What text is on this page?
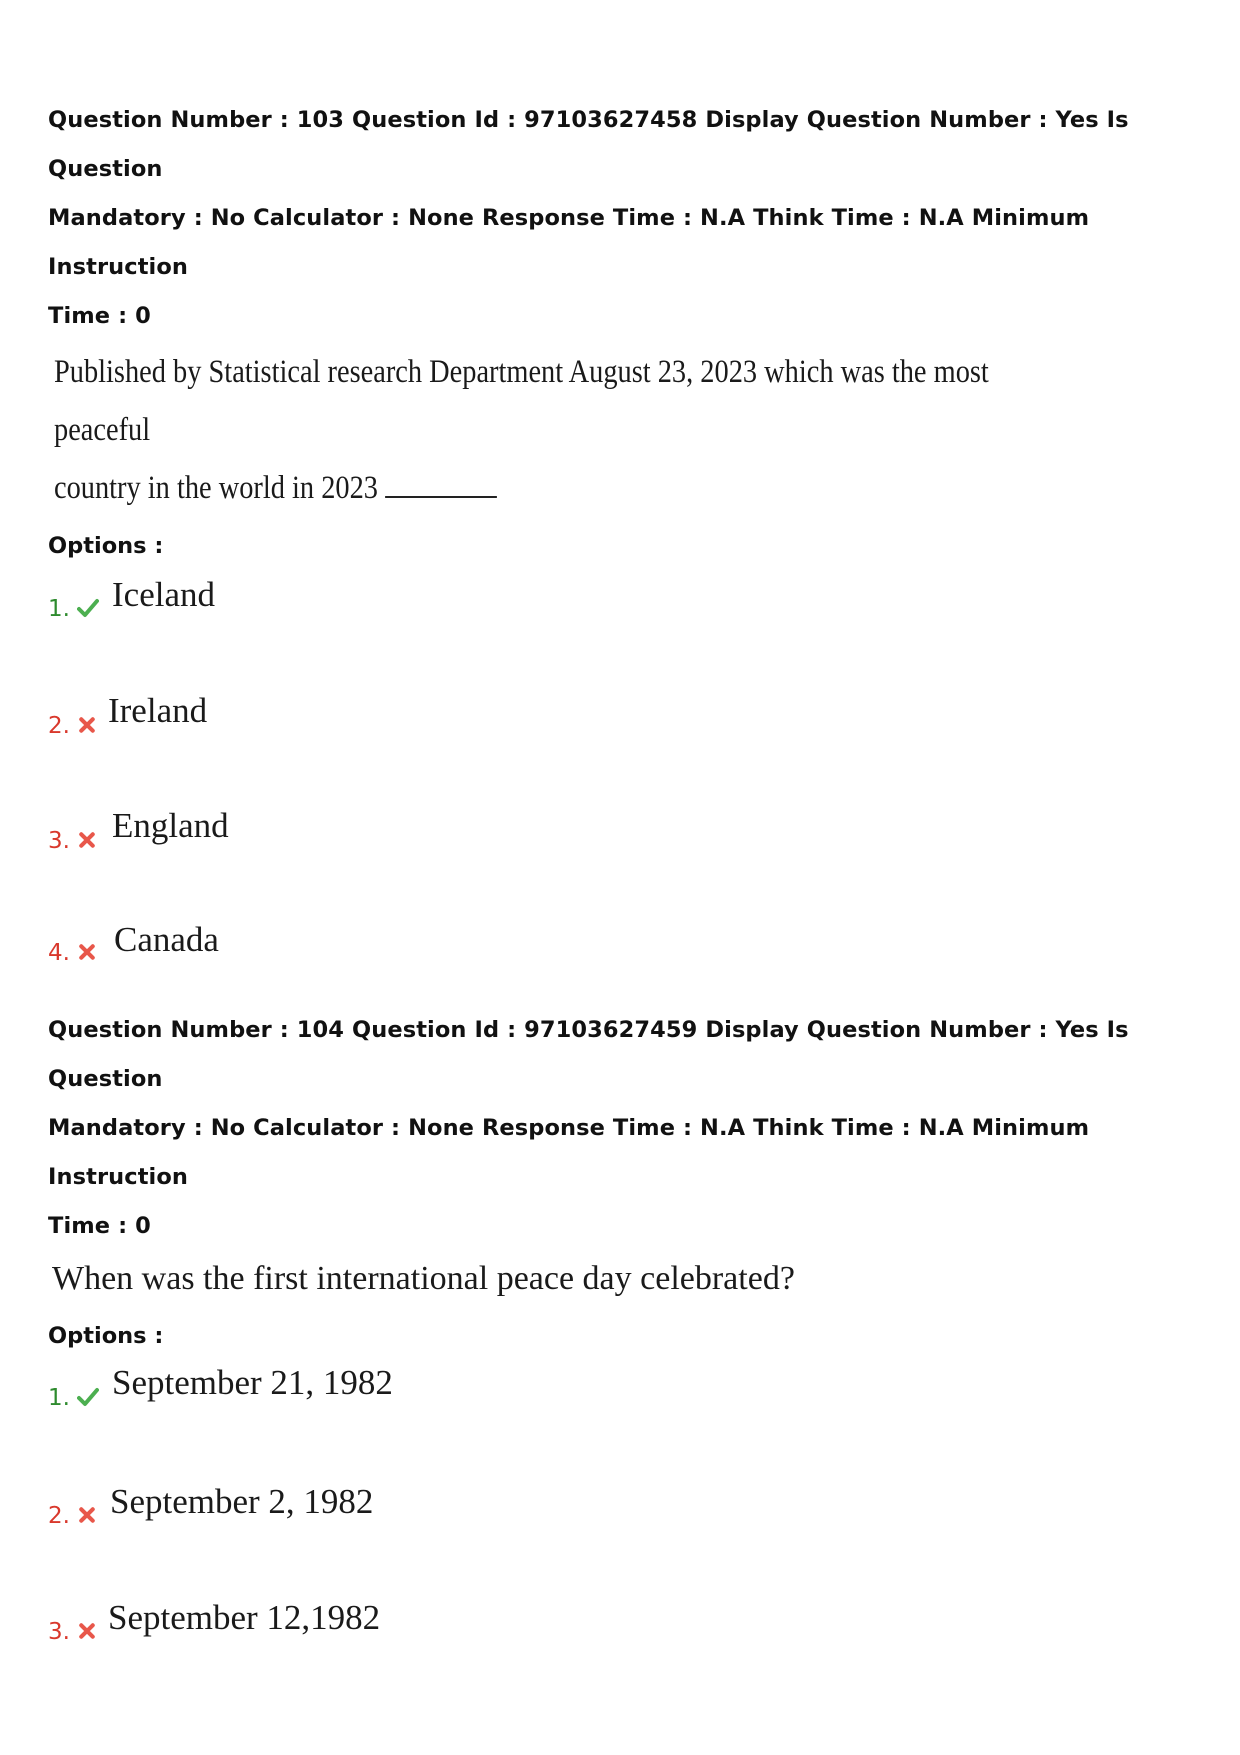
Question Number : 103 Question Id : 97103627458 Display Question Number : Yes Is Question

Mandatory : No Calculator : None Response Time : N.A Think Time : N.A Minimum Instruction

Time : 0

Published by Statistical research Department August 23, 2023 which was the most peaceful

country in the world in 2023

Options :

1. Iceland
2. Ireland
3. England
4. Canada

Question Number : 104 Question Id : 97103627459 Display Question Number : Yes Is Question

Mandatory : No Calculator : None Response Time : N.A Think Time : N.A Minimum Instruction

Time : 0

When was the first international peace day celebrated?

Options :

1. September 21, 1982
2. September 2, 1982
3. September 12,1982
